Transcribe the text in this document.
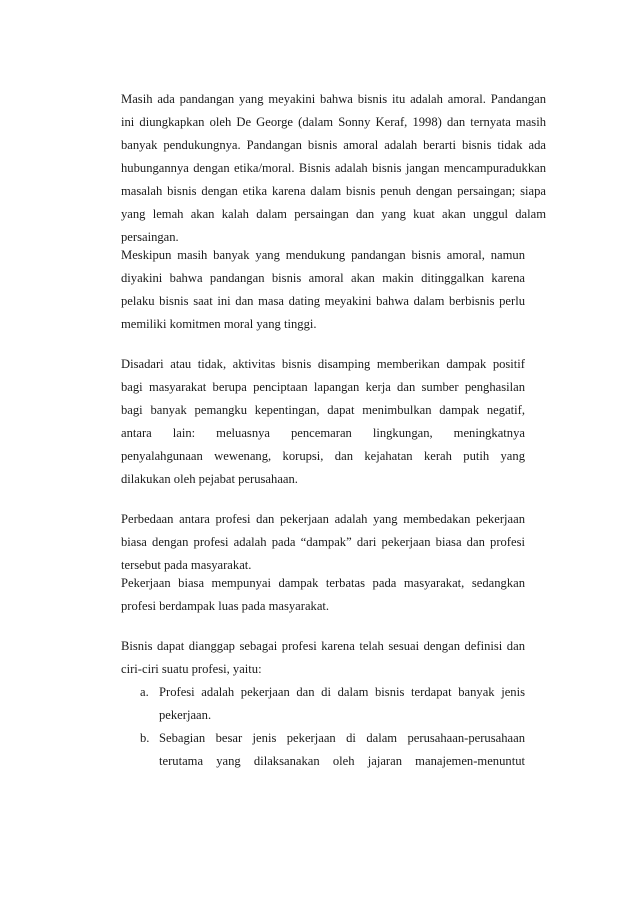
Masih ada pandangan yang meyakini bahwa bisnis itu adalah amoral. Pandangan

ini diungkapkan oleh De George (dalam Sonny Keraf, 1998) dan ternyata masih

banyak pendukungnya. Pandangan bisnis amoral adalah berarti bisnis tidak ada

hubungannya dengan etika/moral. Bisnis adalah bisnis jangan mencampuradukkan

masalah bisnis dengan etika karena dalam bisnis penuh dengan persaingan; siapa

yang lemah akan kalah dalam persaingan dan yang kuat akan unggul dalam

persaingan.

Meskipun masih banyak yang mendukung pandangan bisnis amoral, namun

diyakini bahwa pandangan bisnis amoral akan makin ditinggalkan karena

pelaku bisnis saat ini dan masa dating meyakini bahwa dalam berbisnis perlu

memiliki komitmen moral yang tinggi.

Disadari atau tidak, aktivitas bisnis disamping memberikan dampak positif

bagi masyarakat berupa penciptaan lapangan kerja dan sumber penghasilan

bagi banyak pemangku kepentingan, dapat menimbulkan dampak negatif,

antara lain: meluasnya pencemaran lingkungan, meningkatnya

penyalahgunaan wewenang, korupsi, dan kejahatan kerah putih yang

dilakukan oleh pejabat perusahaan.

Perbedaan antara profesi dan pekerjaan adalah yang membedakan pekerjaan

biasa dengan profesi adalah pada “dampak” dari pekerjaan biasa dan profesi

tersebut pada masyarakat.

Pekerjaan biasa mempunyai dampak terbatas pada masyarakat, sedangkan

profesi berdampak luas pada masyarakat.

Bisnis dapat dianggap sebagai profesi karena telah sesuai dengan definisi dan

ciri-ciri suatu profesi, yaitu:

a. Profesi adalah pekerjaan dan di dalam bisnis terdapat banyak jenis

pekerjaan.

b. Sebagian besar jenis pekerjaan di dalam perusahaan-perusahaan

terutama yang dilaksanakan oleh jajaran manajemen-menuntut
